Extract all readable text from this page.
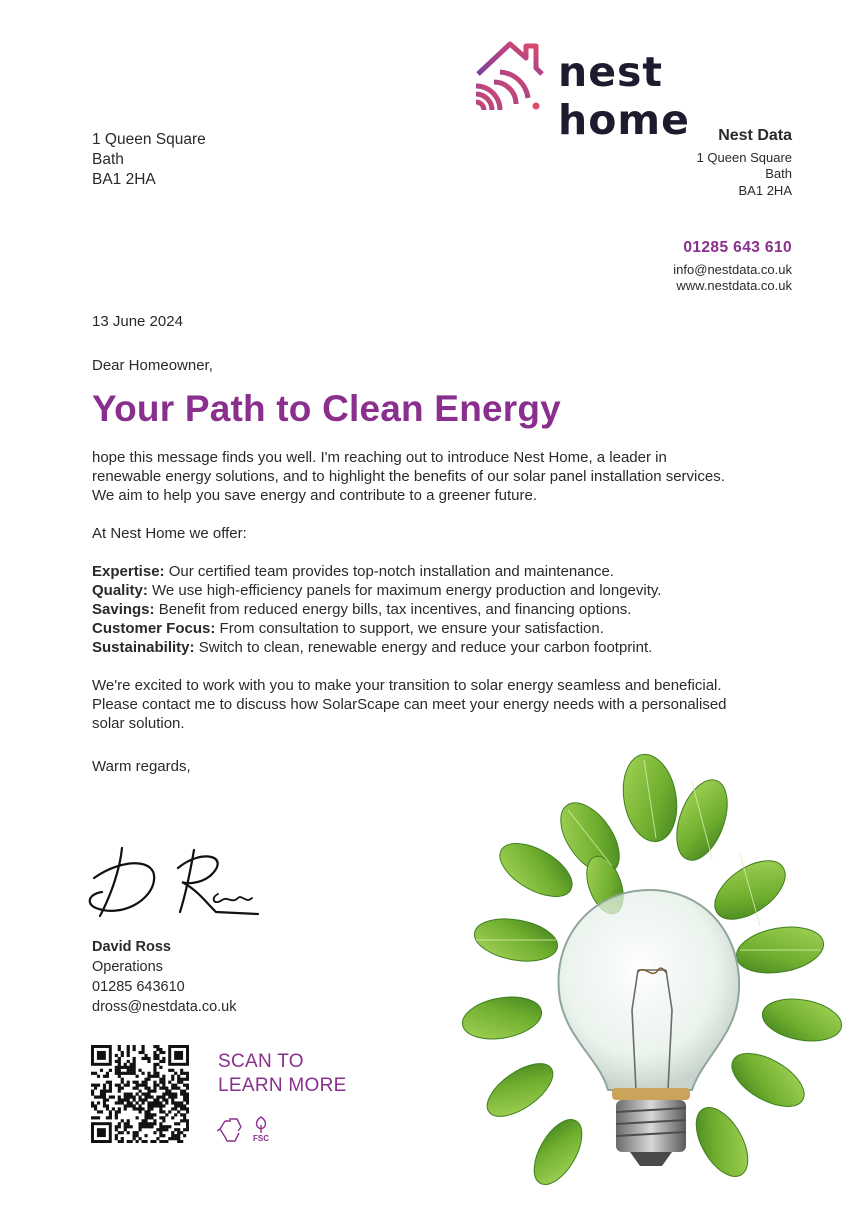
nest home
1 Queen Square
Bath
BA1 2HA
Nest Data
1 Queen Square
Bath
BA1 2HA
01285 643 610
info@nestdata.co.uk
www.nestdata.co.uk
13 June 2024
Dear Homeowner,
Your Path to Clean Energy

hope this message finds you well. I'm reaching out to introduce Nest Home, a leader in renewable energy solutions, and to highlight the benefits of our solar panel installation services. We aim to help you save energy and contribute to a greener future.

At Nest Home we offer:

Expertise: Our certified team provides top-notch installation and maintenance.
Quality: We use high-efficiency panels for maximum energy production and longevity.
Savings: Benefit from reduced energy bills, tax incentives, and financing options.
Customer Focus: From consultation to support, we ensure your satisfaction.
Sustainability: Switch to clean, renewable energy and reduce your carbon footprint.

We're excited to work with you to make your transition to solar energy seamless and beneficial. Please contact me to discuss how SolarScape can meet your energy needs with a personalised solar solution.

Warm regards,

David Ross
Operations
01285 643610
dross@nestdata.co.uk
SCAN TO
LEARN MORE
FSC
